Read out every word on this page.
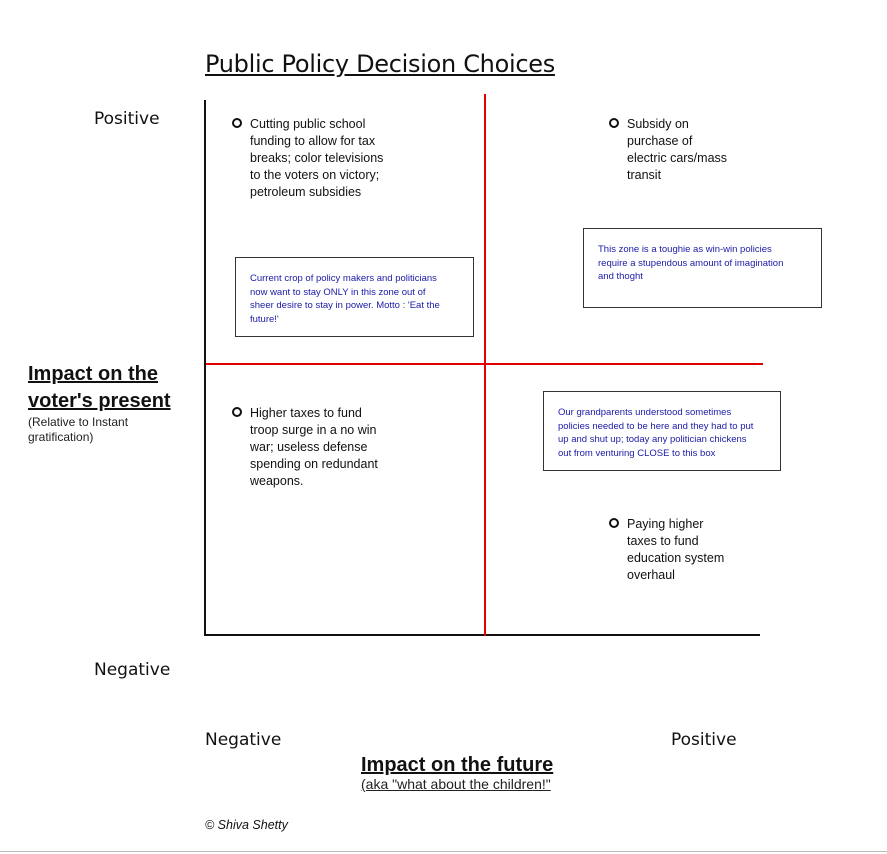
Public Policy Decision Choices
Positive
Negative
Impact on the
voter's present
(Relative to Instant
gratification)
Negative	Positive
Impact on the future
(aka "what about the children!"
Cutting public school
funding to allow for tax
breaks; color televisions
to the voters on victory;
petroleum subsidies
Subsidy on
purchase of
electric cars/mass
transit
Higher taxes to fund
troop surge in a no win
war; useless defense
spending on redundant
weapons.
Paying higher
taxes to fund
education system
overhaul
Current crop of policy makers and politicians
now want to stay ONLY in this zone out of
sheer desire to stay in power. Motto : 'Eat the
future!'
This zone is a toughie as win-win policies
require a stupendous amount of imagination
and thoght
Our grandparents understood sometimes
policies needed to be here and they had to put
up and shut up; today any politician chickens
out from venturing CLOSE to this box
© Shiva Shetty
